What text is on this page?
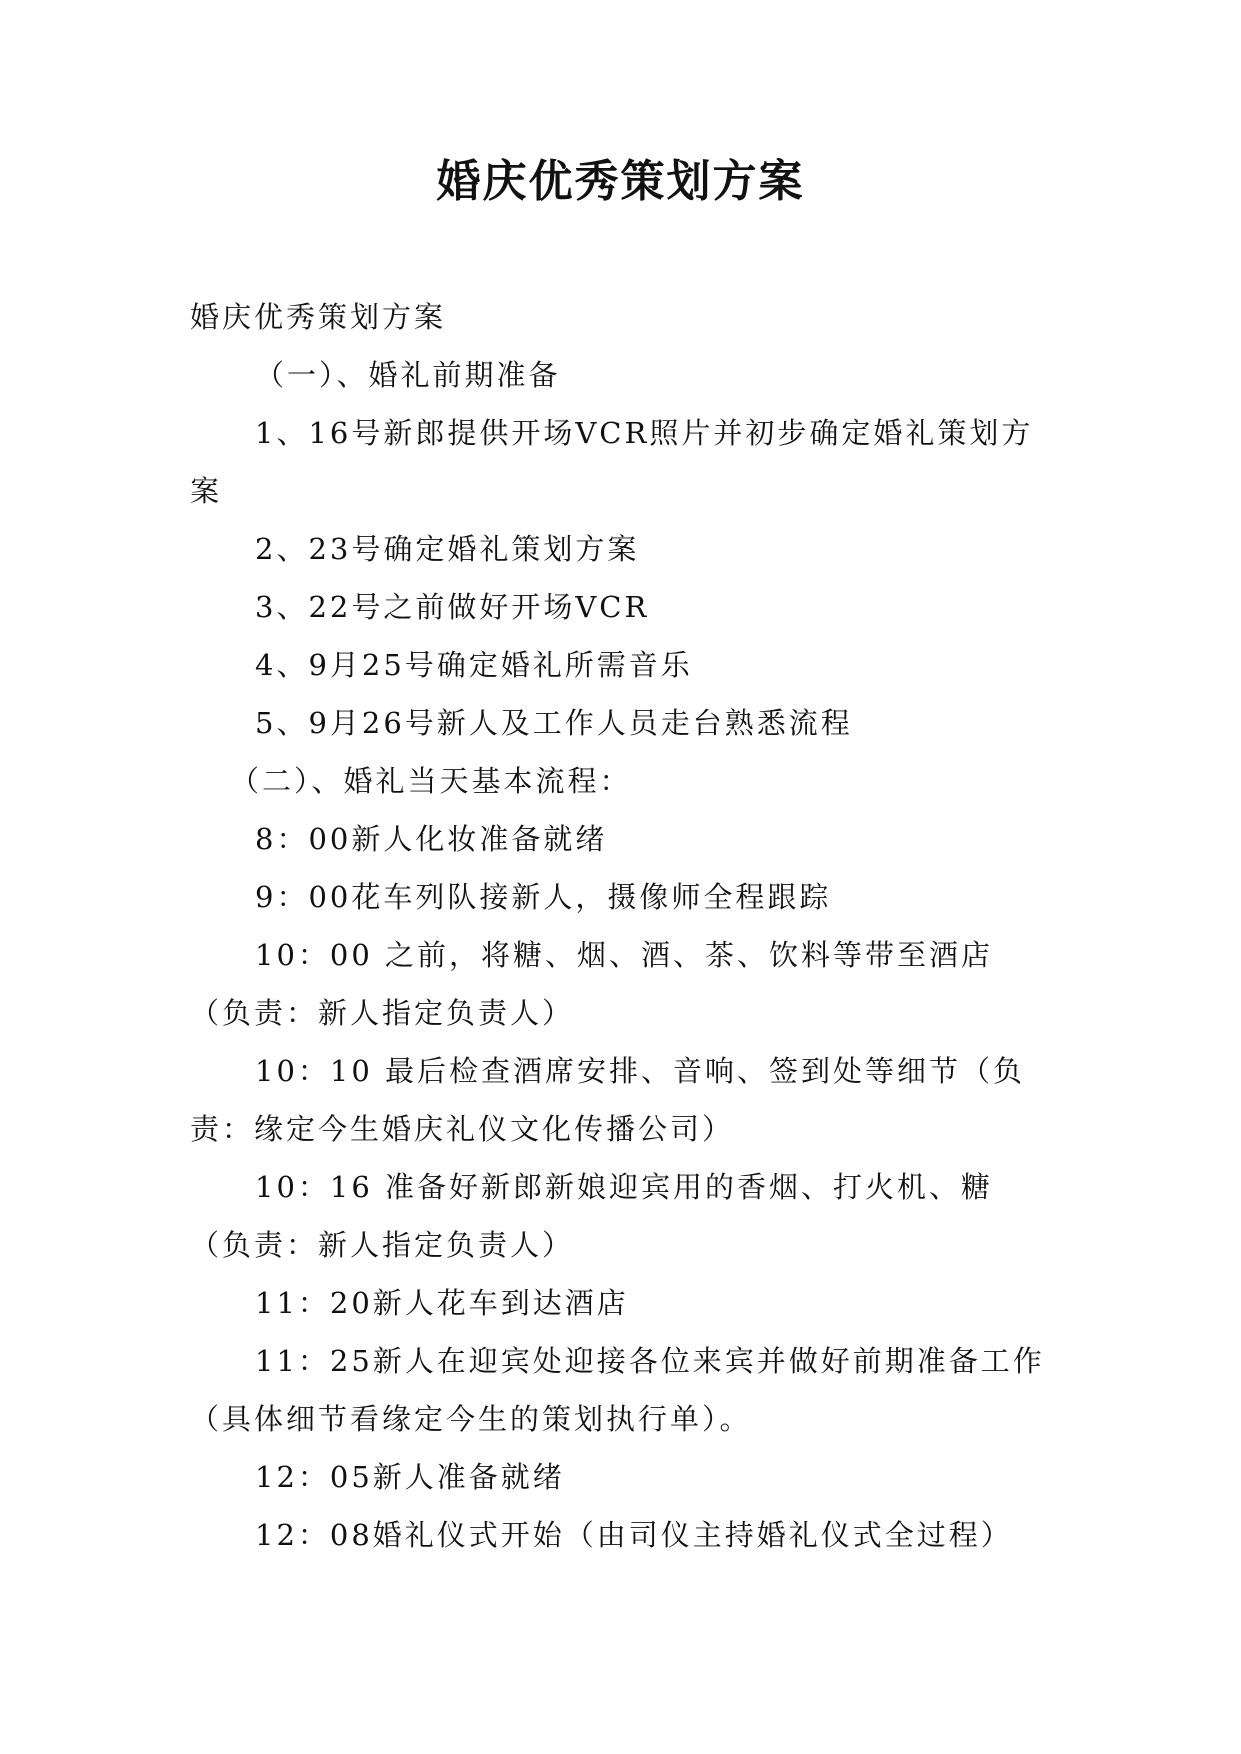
婚庆优秀策划方案

婚庆优秀策划方案

（一）、婚礼前期准备

1、16号新郎提供开场VCR照片并初步确定婚礼策划方案

2、23号确定婚礼策划方案

3、22号之前做好开场VCR

4、9月25号确定婚礼所需音乐

5、9月26号新人及工作人员走台熟悉流程

（二）、婚礼当天基本流程：

8：00新人化妆准备就绪

9：00花车列队接新人，摄像师全程跟踪

10：00 之前，将糖、烟、酒、茶、饮料等带至酒店（负责：新人指定负责人）

10：10 最后检查酒席安排、音响、签到处等细节（负责：缘定今生婚庆礼仪文化传播公司）

10：16 准备好新郎新娘迎宾用的香烟、打火机、糖（负责：新人指定负责人）

11：20新人花车到达酒店

11：25新人在迎宾处迎接各位来宾并做好前期准备工作（具体细节看缘定今生的策划执行单）。

12：05新人准备就绪

12：08婚礼仪式开始（由司仪主持婚礼仪式全过程）
